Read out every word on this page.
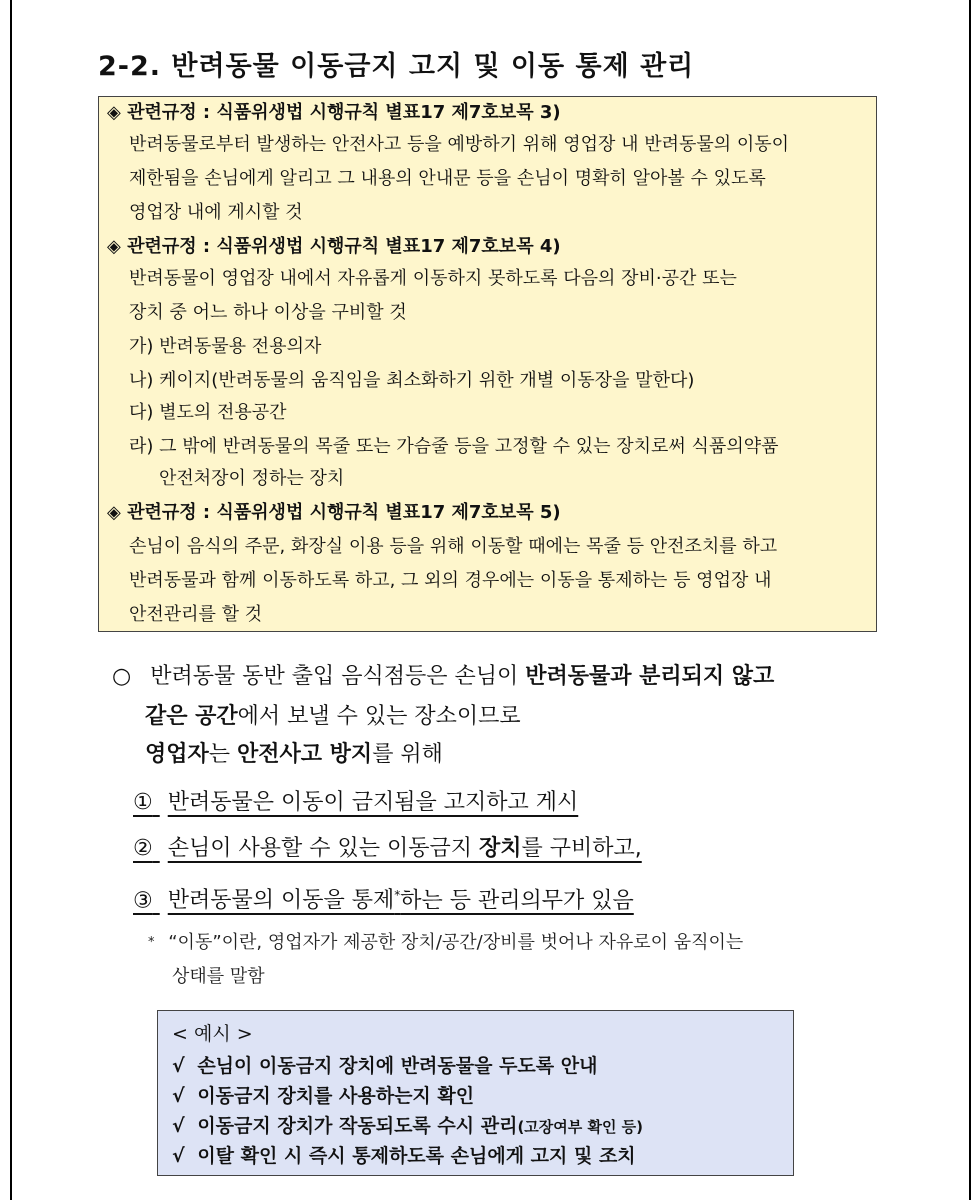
2-2. 반려동물 이동금지 고지 및 이동 통제 관리
◈ 관련규정 : 식품위생법 시행규칙 별표17 제7호보목 3)
반려동물로부터 발생하는 안전사고 등을 예방하기 위해 영업장 내 반려동물의 이동이
제한됨을 손님에게 알리고 그 내용의 안내문 등을 손님이 명확히 알아볼 수 있도록
영업장 내에 게시할 것
◈ 관련규정 : 식품위생법 시행규칙 별표17 제7호보목 4)
반려동물이 영업장 내에서 자유롭게 이동하지 못하도록 다음의 장비·공간 또는
장치 중 어느 하나 이상을 구비할 것
가) 반려동물용 전용의자
나) 케이지(반려동물의 움직임을 최소화하기 위한 개별 이동장을 말한다)
다) 별도의 전용공간
라) 그 밖에 반려동물의 목줄 또는 가슴줄 등을 고정할 수 있는 장치로써 식품의약품
안전처장이 정하는 장치
◈ 관련규정 : 식품위생법 시행규칙 별표17 제7호보목 5)
손님이 음식의 주문, 화장실 이용 등을 위해 이동할 때에는 목줄 등 안전조치를 하고
반려동물과 함께 이동하도록 하고, 그 외의 경우에는 이동을 통제하는 등 영업장 내
안전관리를 할 것
○ 반려동물 동반 출입 음식점등은 손님이 반려동물과 분리되지 않고
같은 공간에서 보낼 수 있는 장소이므로
영업자는 안전사고 방지를 위해
① 반려동물은 이동이 금지됨을 고지하고 게시
② 손님이 사용할 수 있는 이동금지 장치를 구비하고,
③ 반려동물의 이동을 통제*하는 등 관리의무가 있음
* “이동”이란, 영업자가 제공한 장치/공간/장비를 벗어나 자유로이 움직이는
상태를 말함
< 예시 >
√ 손님이 이동금지 장치에 반려동물을 두도록 안내
√ 이동금지 장치를 사용하는지 확인
√ 이동금지 장치가 작동되도록 수시 관리(고장여부 확인 등)
√ 이탈 확인 시 즉시 통제하도록 손님에게 고지 및 조치
